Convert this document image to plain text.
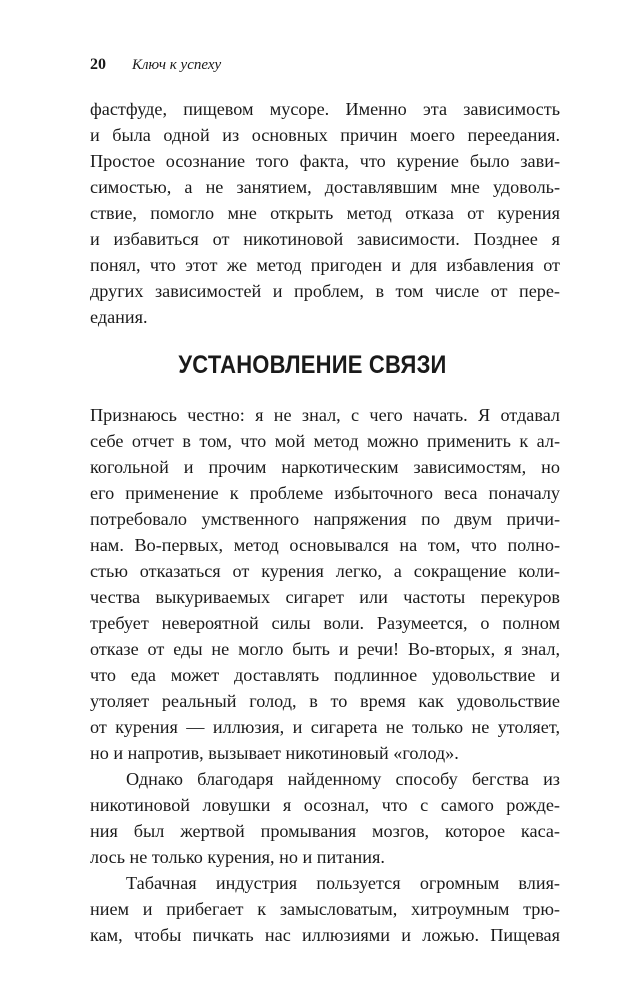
20 Ключ к успеху
фастфуде, пищевом мусоре. Именно эта зависимость
и была одной из основных причин моего переедания.
Простое осознание того факта, что курение было зави-
симостью, а не занятием, доставлявшим мне удоволь-
ствие, помогло мне открыть метод отказа от курения
и избавиться от никотиновой зависимости. Позднее я
понял, что этот же метод пригоден и для избавления от
других зависимостей и проблем, в том числе от пере-
едания.
УСТАНОВЛЕНИЕ СВЯЗИ
Признаюсь честно: я не знал, с чего начать. Я отдавал
себе отчет в том, что мой метод можно применить к ал-
когольной и прочим наркотическим зависимостям, но
его применение к проблеме избыточного веса поначалу
потребовало умственного напряжения по двум причи-
нам. Во-первых, метод основывался на том, что полно-
стью отказаться от курения легко, а сокращение коли-
чества выкуриваемых сигарет или частоты перекуров
требует невероятной силы воли. Разумеется, о полном
отказе от еды не могло быть и речи! Во-вторых, я знал,
что еда может доставлять подлинное удовольствие и
утоляет реальный голод, в то время как удовольствие
от курения — иллюзия, и сигарета не только не утоляет,
но и напротив, вызывает никотиновый «голод».
Однако благодаря найденному способу бегства из
никотиновой ловушки я осознал, что с самого рожде-
ния был жертвой промывания мозгов, которое каса-
лось не только курения, но и питания.
Табачная индустрия пользуется огромным влия-
нием и прибегает к замысловатым, хитроумным трю-
кам, чтобы пичкать нас иллюзиями и ложью. Пищевая
